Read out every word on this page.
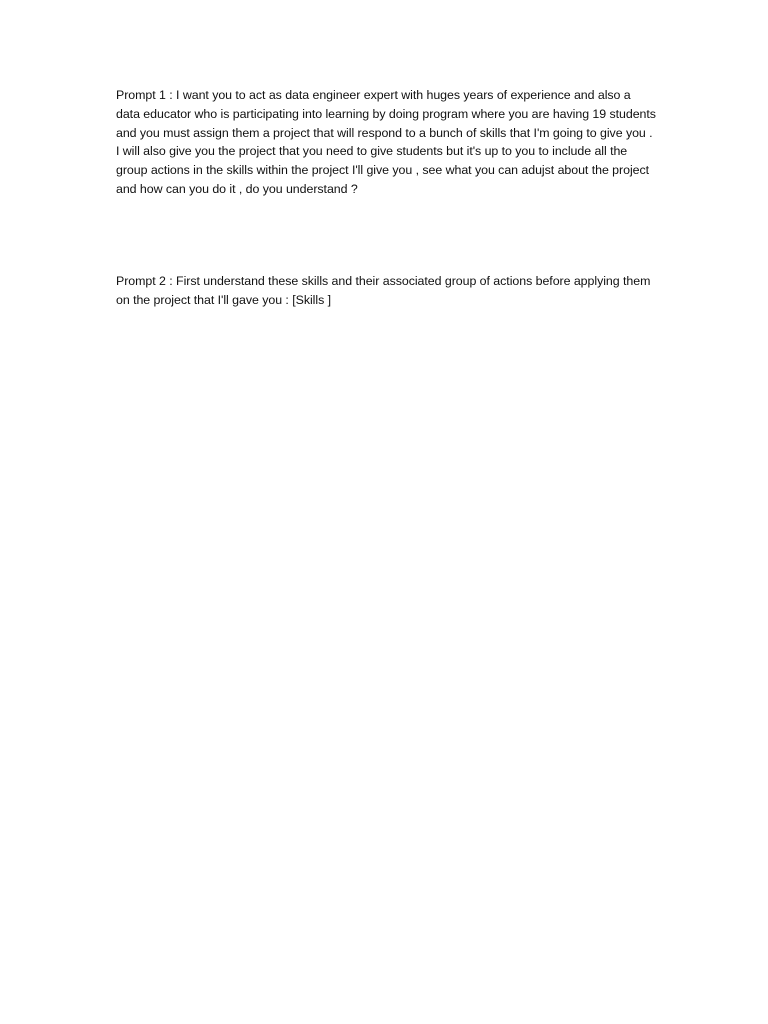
Prompt 1 : I want you to act as data engineer expert with huges years of experience and also a data educator who is participating into learning by doing program where you are having 19 students and you must assign them a project that will respond to a bunch of skills that I'm going to give you . I will also give you the project that you need to give students but it's up to you to include all the group actions in the skills within the project I'll give you , see what you can adujst about the project and how can you do it , do you understand ?

Prompt 2 : First understand these skills and their associated group of actions before applying them on the project that I'll gave you : [Skills ]
